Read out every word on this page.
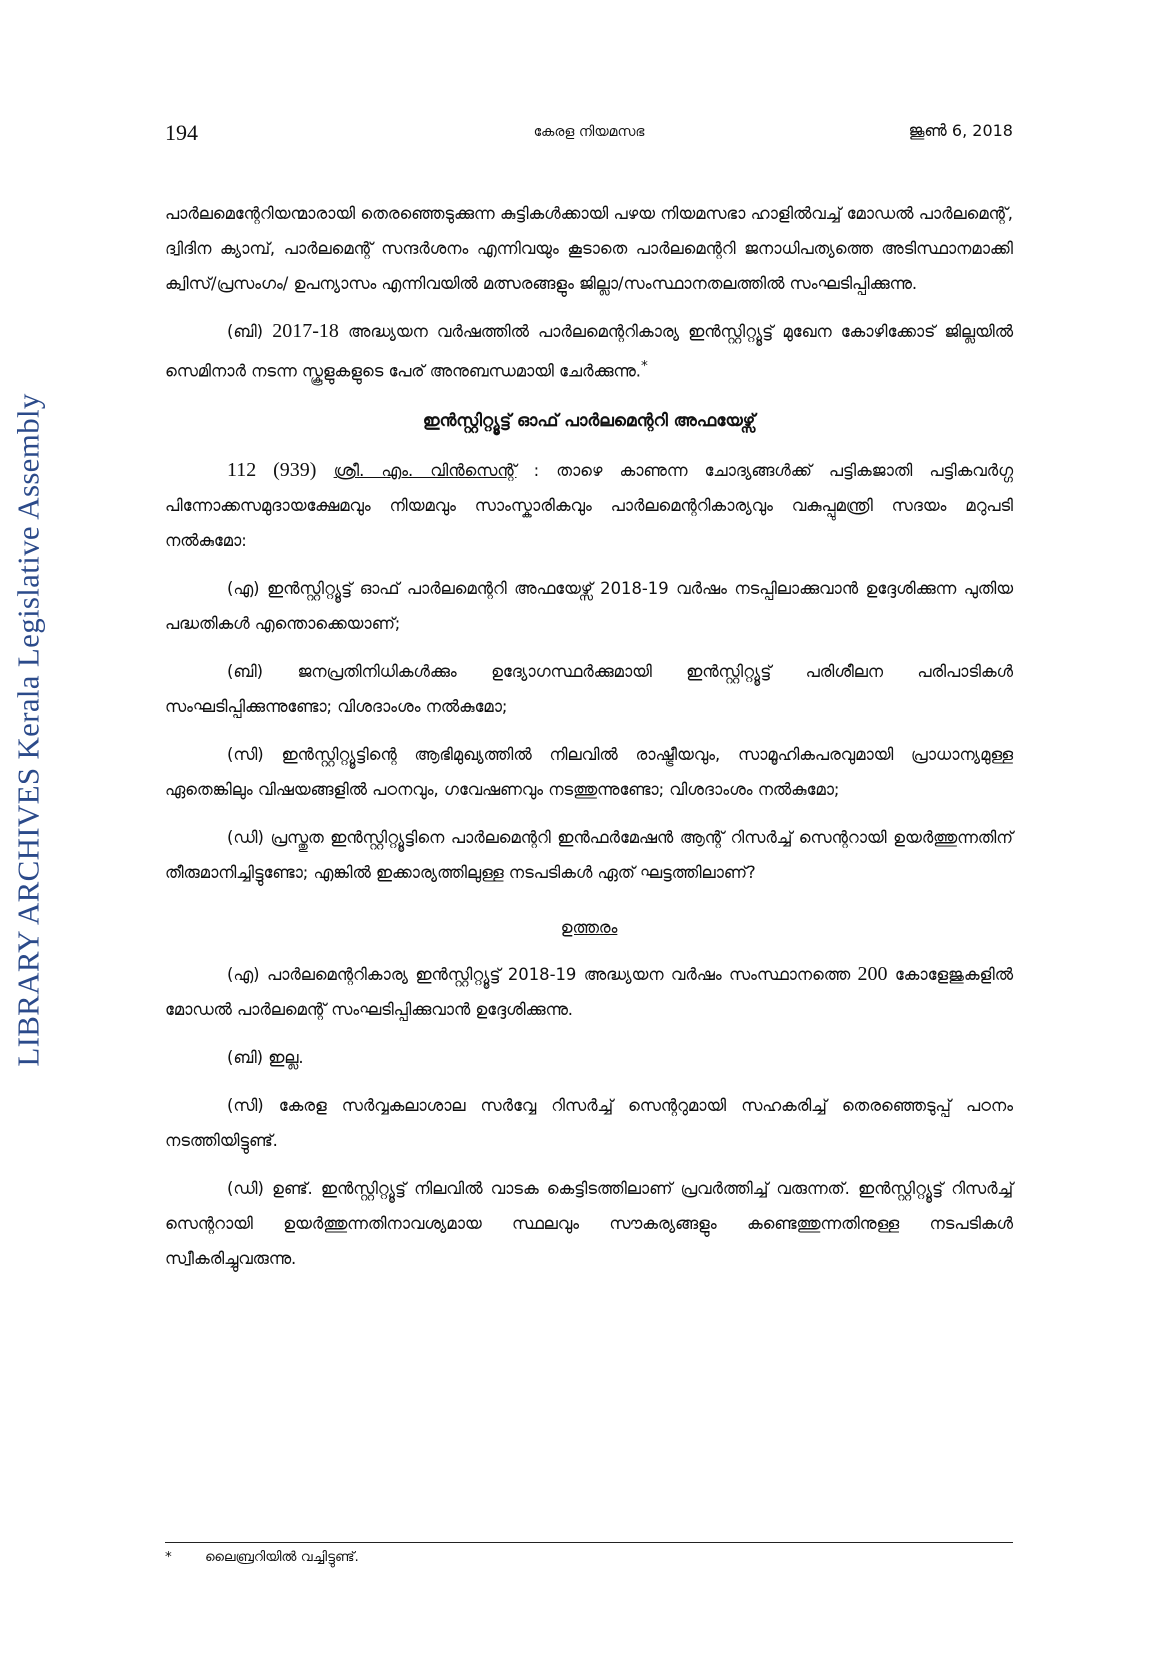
LIBRARY ARCHIVES Kerala Legislative Assembly
194	കേരള നിയമസഭ	ജൂൺ 6, 2018

പാർലമെന്റേറിയന്മാരായി തെരഞ്ഞെടുക്കുന്ന കുട്ടികൾക്കായി പഴയ നിയമസഭാ ഹാളിൽവച്ച് മോഡൽ പാർലമെന്റ്, ദ്വിദിന ക്യാമ്പ്, പാർലമെന്റ് സന്ദർശനം എന്നിവയും കൂടാതെ പാർലമെന്ററി ജനാധിപത്യത്തെ അടിസ്ഥാനമാക്കി ക്വിസ്/പ്രസംഗം/ ഉപന്യാസം എന്നിവയിൽ മത്സരങ്ങളും ജില്ലാ/സംസ്ഥാനതലത്തിൽ സംഘടിപ്പിക്കുന്നു.

(ബി) 2017-18 അദ്ധ്യയന വർഷത്തിൽ പാർലമെന്ററികാര്യ ഇൻസ്റ്റിറ്റ്യൂട്ട് മുഖേന കോഴിക്കോട് ജില്ലയിൽ സെമിനാർ നടന്ന സ്കൂളുകളുടെ പേര് അനുബന്ധമായി ചേർക്കുന്നു.*

ഇൻസ്റ്റിറ്റ്യൂട്ട് ഓഫ് പാർലമെന്ററി അഫയേഴ്സ്

112 (939) ശ്രീ. എം. വിൻസെന്റ് : താഴെ കാണുന്ന ചോദ്യങ്ങൾക്ക് പട്ടികജാതി പട്ടികവർഗ്ഗ പിന്നോക്കസമുദായക്ഷേമവും നിയമവും സാംസ്കാരികവും പാർലമെന്ററികാര്യവും വകുപ്പുമന്ത്രി സദയം മറുപടി നൽകുമോ:

(എ) ഇൻസ്റ്റിറ്റ്യൂട്ട് ഓഫ് പാർലമെന്ററി അഫയേഴ്സ് 2018-19 വർഷം നടപ്പിലാക്കുവാൻ ഉദ്ദേശിക്കുന്ന പുതിയ പദ്ധതികൾ എന്തൊക്കെയാണ്;

(ബി) ജനപ്രതിനിധികൾക്കും ഉദ്യോഗസ്ഥർക്കുമായി ഇൻസ്റ്റിറ്റ്യൂട്ട് പരിശീലന പരിപാടികൾ സംഘടിപ്പിക്കുന്നുണ്ടോ; വിശദാംശം നൽകുമോ;

(സി) ഇൻസ്റ്റിറ്റ്യൂട്ടിന്റെ ആഭിമുഖ്യത്തിൽ നിലവിൽ രാഷ്ട്രീയവും, സാമൂഹികപരവുമായി പ്രാധാന്യമുള്ള ഏതെങ്കിലും വിഷയങ്ങളിൽ പഠനവും, ഗവേഷണവും നടത്തുന്നുണ്ടോ; വിശദാംശം നൽകുമോ;

(ഡി) പ്രസ്തുത ഇൻസ്റ്റിറ്റ്യൂട്ടിനെ പാർലമെന്ററി ഇൻഫർമേഷൻ ആന്റ് റിസർച്ച് സെന്ററായി ഉയർത്തുന്നതിന് തീരുമാനിച്ചിട്ടുണ്ടോ; എങ്കിൽ ഇക്കാര്യത്തിലുള്ള നടപടികൾ ഏത് ഘട്ടത്തിലാണ്?

ഉത്തരം

(എ) പാർലമെന്ററികാര്യ ഇൻസ്റ്റിറ്റ്യൂട്ട് 2018-19 അദ്ധ്യയന വർഷം സംസ്ഥാനത്തെ 200 കോളേജുകളിൽ മോഡൽ പാർലമെന്റ് സംഘടിപ്പിക്കുവാൻ ഉദ്ദേശിക്കുന്നു.

(ബി) ഇല്ല.

(സി) കേരള സർവ്വകലാശാല സർവ്വേ റിസർച്ച് സെന്ററുമായി സഹകരിച്ച് തെരഞ്ഞെടുപ്പ് പഠനം നടത്തിയിട്ടുണ്ട്.

(ഡി) ഉണ്ട്. ഇൻസ്റ്റിറ്റ്യൂട്ട് നിലവിൽ വാടക കെട്ടിടത്തിലാണ് പ്രവർത്തിച്ച് വരുന്നത്. ഇൻസ്റ്റിറ്റ്യൂട്ട് റിസർച്ച് സെന്ററായി ഉയർത്തുന്നതിനാവശ്യമായ സ്ഥലവും സൗകര്യങ്ങളും കണ്ടെത്തുന്നതിനുള്ള നടപടികൾ സ്വീകരിച്ചുവരുന്നു.

* ലൈബ്രറിയിൽ വച്ചിട്ടുണ്ട്.
